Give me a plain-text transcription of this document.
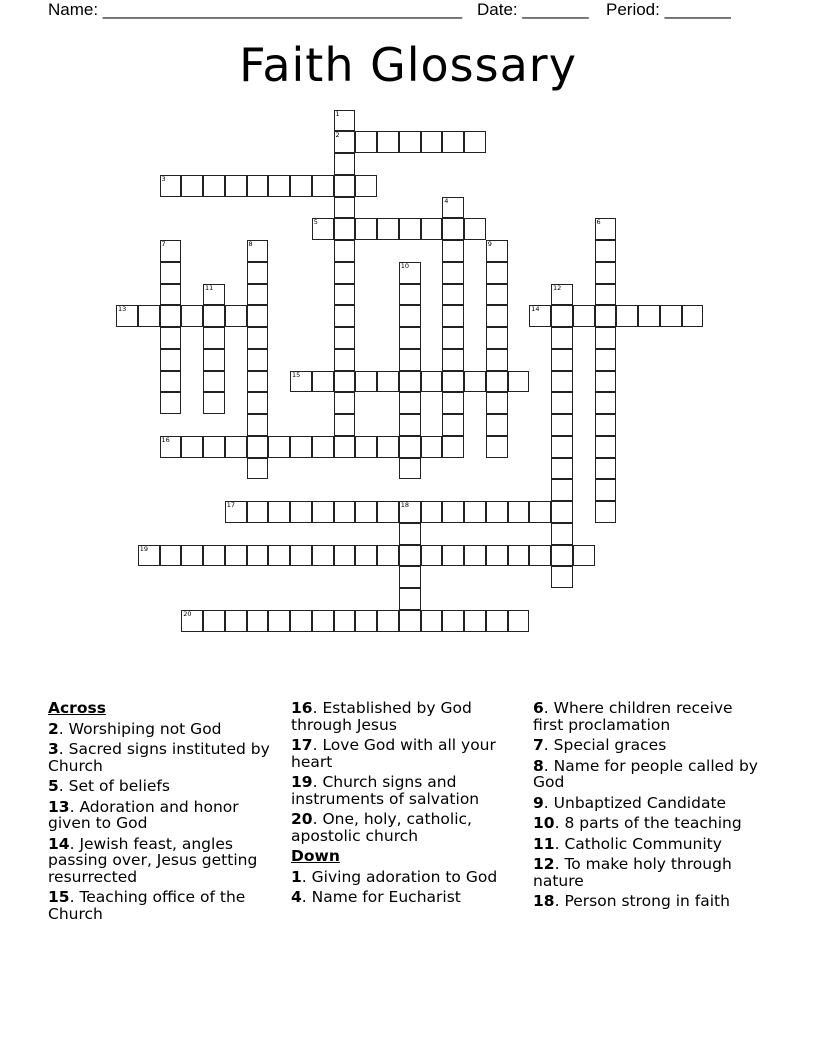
Name: ______________________________________ Date: _______ Period: _______
Faith Glossary
2
3
5
13	14
15
16
17	18
19
20
1
4
6
7	8	9
10
11	12
Across
2. Worshiping not God
3. Sacred signs instituted by Church
5. Set of beliefs
13. Adoration and honor given to God
14. Jewish feast, angles passing over, Jesus getting resurrected
15. Teaching office of the Church
16. Established by God through Jesus
17. Love God with all your heart
19. Church signs and instruments of salvation
20. One, holy, catholic, apostolic church
Down
1. Giving adoration to God
4. Name for Eucharist
6. Where children receive first proclamation
7. Special graces
8. Name for people called by God
9. Unbaptized Candidate
10. 8 parts of the teaching
11. Catholic Community
12. To make holy through nature
18. Person strong in faith
